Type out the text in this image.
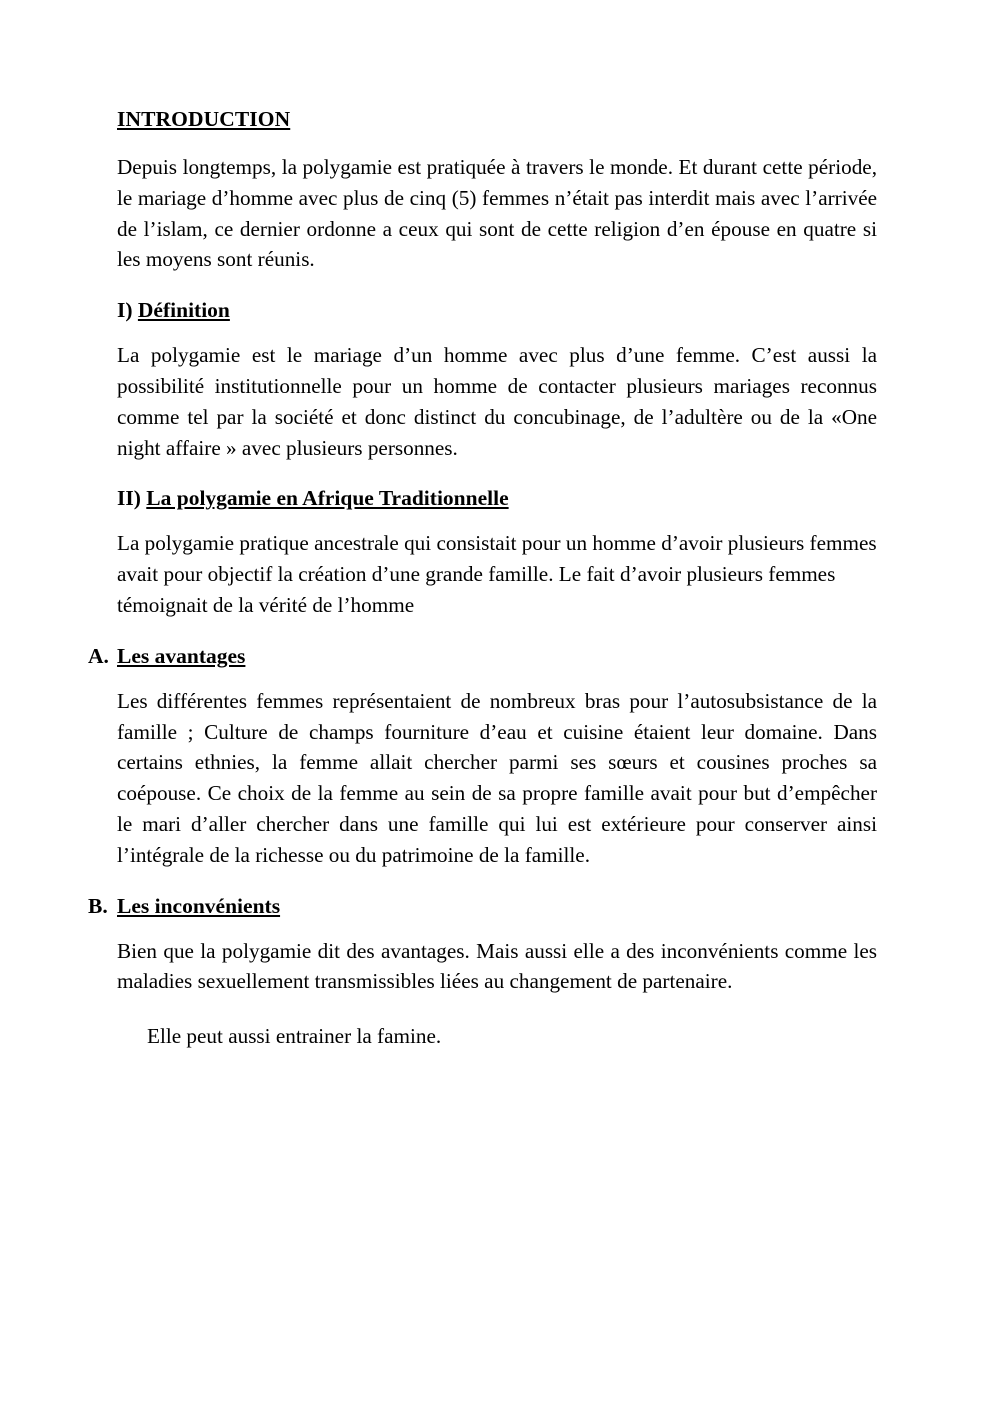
INTRODUCTION

Depuis longtemps, la polygamie est pratiquée à travers le monde. Et durant cette période, le mariage d’homme avec plus de cinq (5) femmes n’était pas interdit mais avec l’arrivée de l’islam, ce dernier ordonne a ceux qui sont de cette religion d’en épouse en quatre si les moyens sont réunis.

I) Définition

La polygamie est le mariage d’un homme avec plus d’une femme. C’est aussi la possibilité institutionnelle pour un homme de contacter plusieurs mariages reconnus comme tel par la société et donc distinct du concubinage, de l’adultère ou de la «One night affaire » avec plusieurs personnes.

II) La polygamie en Afrique Traditionnelle

La polygamie pratique ancestrale qui consistait pour un homme d’avoir plusieurs femmes avait pour objectif la création d’une grande famille. Le fait d’avoir plusieurs femmes témoignait de la vérité de l’homme

A. Les avantages

Les différentes femmes représentaient de nombreux bras pour l’autosubsistance de la famille ; Culture de champs fourniture d’eau et cuisine étaient leur domaine. Dans certains ethnies, la femme allait chercher parmi ses sœurs et cousines proches sa coépouse. Ce choix de la femme au sein de sa propre famille avait pour but d’empêcher le mari d’aller chercher dans une famille qui lui est extérieure pour conserver ainsi l’intégrale de la richesse ou du patrimoine de la famille.

B. Les inconvénients

Bien que la polygamie dit des avantages. Mais aussi elle a des inconvénients comme les maladies sexuellement transmissibles liées au changement de partenaire.

Elle peut aussi entrainer la famine.
